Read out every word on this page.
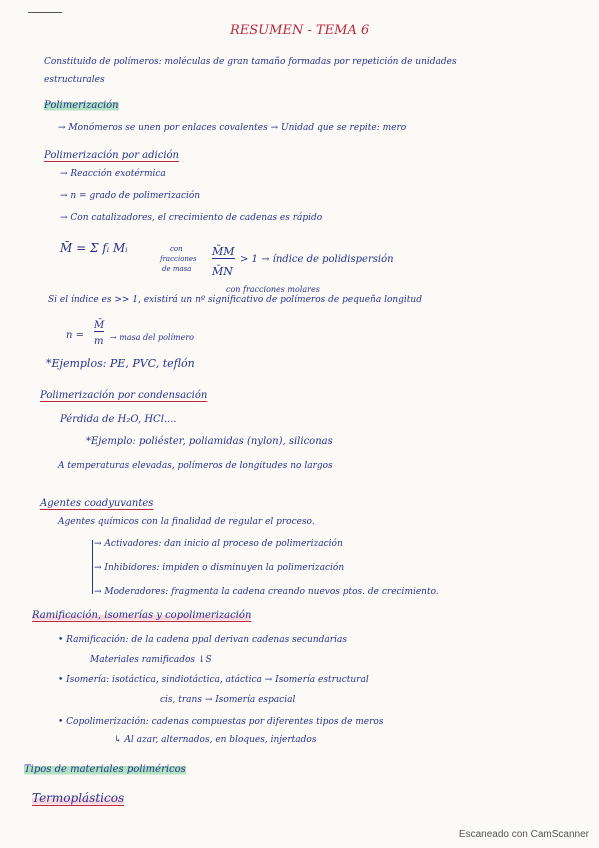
RESUMEN - TEMA 6
Constituido de polímeros: moléculas de gran tamaño formadas por repetición de unidades
estructurales
Polimerización
→ Monómeros se unen por enlaces covalentes → Unidad que se repite: mero
Polimerización por adición
→ Reacción exotérmica
→ n = grado de polimerización
→ Con catalizadores, el crecimiento de cadenas es rápido
M̄ = Σ fᵢ Mᵢ	con
fracciones
de masa
M̄M
M̄N
> 1 → índice de polidispersión
con fracciones molares
Si el índice es >> 1, existirá un nº significativo de polímeros de pequeña longitud
n =
M̄
m → masa del polímero
*Ejemplos: PE, PVC, teflón
Polimerización por condensación
Pérdida de H₂O, HCl....
*Ejemplo: poliéster, poliamidas (nylon), siliconas
A temperaturas elevadas, polímeros de longitudes no largos
Agentes coadyuvantes
Agentes químicos con la finalidad de regular el proceso.
→ Activadores: dan inicio al proceso de polimerización
→ Inhibidores: impiden o disminuyen la polimerización
→ Moderadores: fragmenta la cadena creando nuevos ptos. de crecimiento.
Ramificación, isomerías y copolimerización
• Ramificación: de la cadena ppal derivan cadenas secundarias
Materiales ramificados ↓S
• Isomería: isotáctica, sindiotáctica, atáctica → Isomería estructural
cis, trans → Isomería espacial
• Copolimerización: cadenas compuestas por diferentes tipos de meros
↳ Al azar, alternados, en bloques, injertados
Tipos de materiales poliméricos
Termoplásticos
Escaneado con CamScanner
